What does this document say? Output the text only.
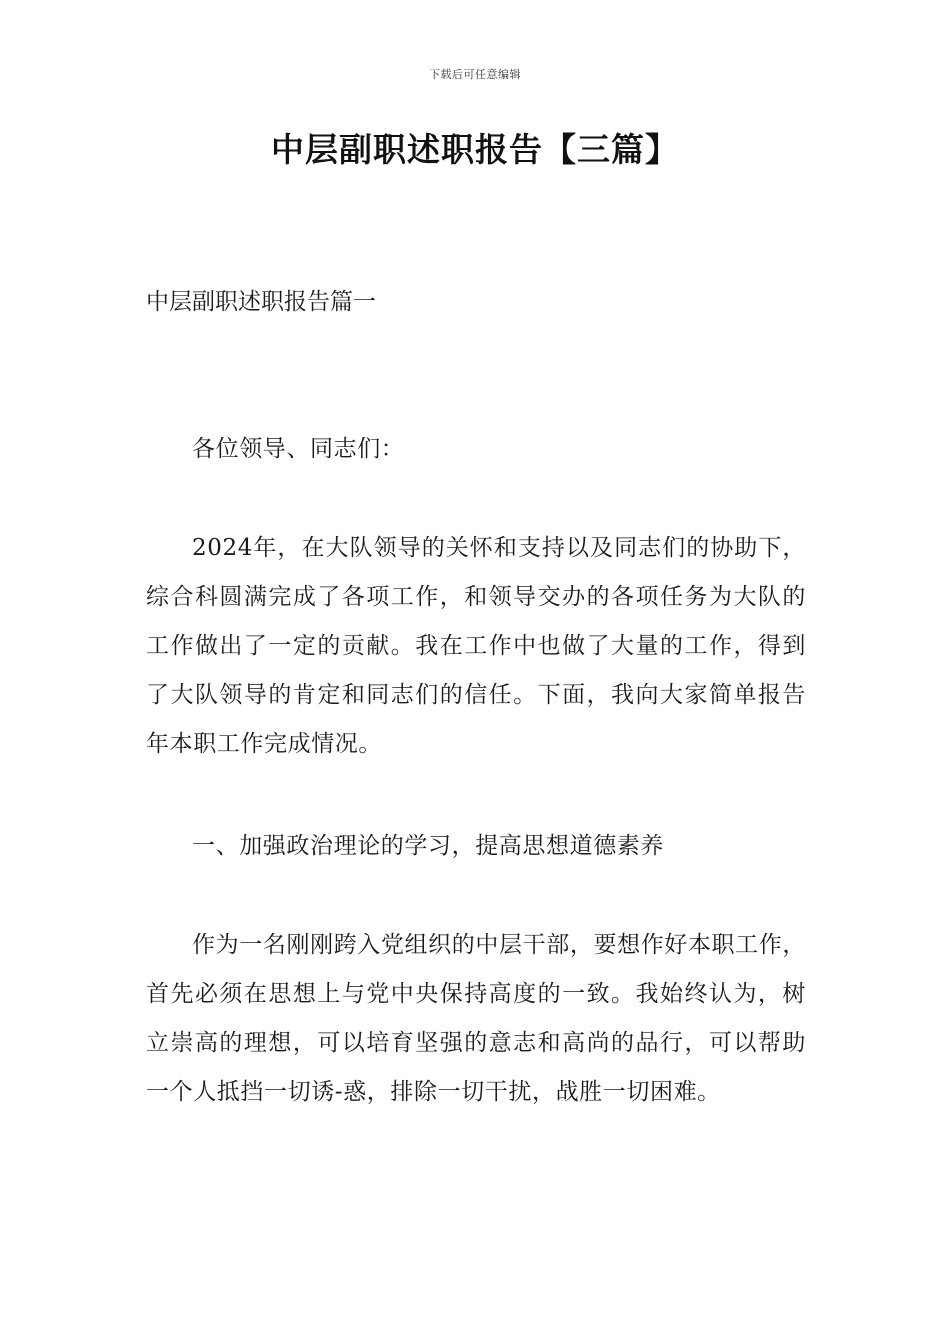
下载后可任意编辑
中层副职述职报告【三篇】
中层副职述职报告篇一

各位领导、同志们：

2024年，在大队领导的关怀和支持以及同志们的协助下，综合科圆满完成了各项工作，和领导交办的各项任务为大队的工作做出了一定的贡献。我在工作中也做了大量的工作，得到了大队领导的肯定和同志们的信任。下面，我向大家简单报告年本职工作完成情况。

一、加强政治理论的学习，提高思想道德素养

作为一名刚刚跨入党组织的中层干部，要想作好本职工作，首先必须在思想上与党中央保持高度的一致。我始终认为，树立崇高的理想，可以培育坚强的意志和高尚的品行，可以帮助一个人抵挡一切诱-惑，排除一切干扰，战胜一切困难。
